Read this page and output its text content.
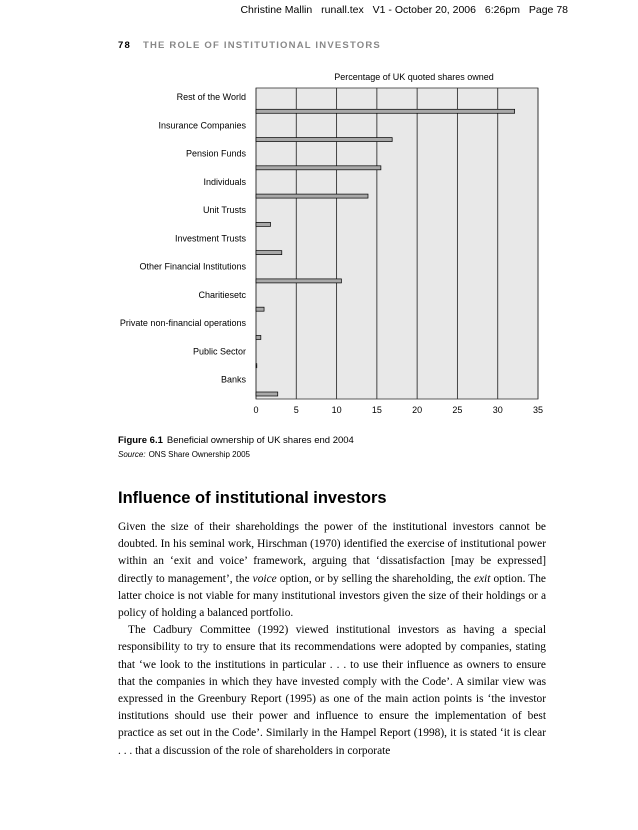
Christine Mallin runall.tex V1 - October 20, 2006 6:26pm Page 78
78 THE ROLE OF INSTITUTIONAL INVESTORS
0	5	10	15	20	25	30	35
Percentage of UK quoted shares owned
Rest of the World
Insurance Companies
Pension Funds
Individuals
Unit Trusts
Investment Trusts
Other Financial Institutions
Charitiesetc
Private non-financial operations
Public Sector
Banks
Figure 6.1 Beneficial ownership of UK shares end 2004
Source: ONS Share Ownership 2005
Influence of institutional investors

Given the size of their shareholdings the power of the institutional investors cannot be doubted. In his seminal work, Hirschman (1970) identified the exercise of institutional power within an ‘exit and voice’ framework, arguing that ‘dissatisfaction [may be expressed] directly to management’, the voice option, or by selling the shareholding, the exit option. The latter choice is not viable for many institutional investors given the size of their holdings or a policy of holding a balanced portfolio.

The Cadbury Committee (1992) viewed institutional investors as having a special responsibility to try to ensure that its recommendations were adopted by companies, stating that ‘we look to the institutions in particular . . . to use their influence as owners to ensure that the companies in which they have invested comply with the Code’. A similar view was expressed in the Greenbury Report (1995) as one of the main action points is ‘the investor institutions should use their power and influence to ensure the implementation of best practice as set out in the Code’. Similarly in the Hampel Report (1998), it is stated ‘it is clear . . . that a discussion of the role of shareholders in corporate
